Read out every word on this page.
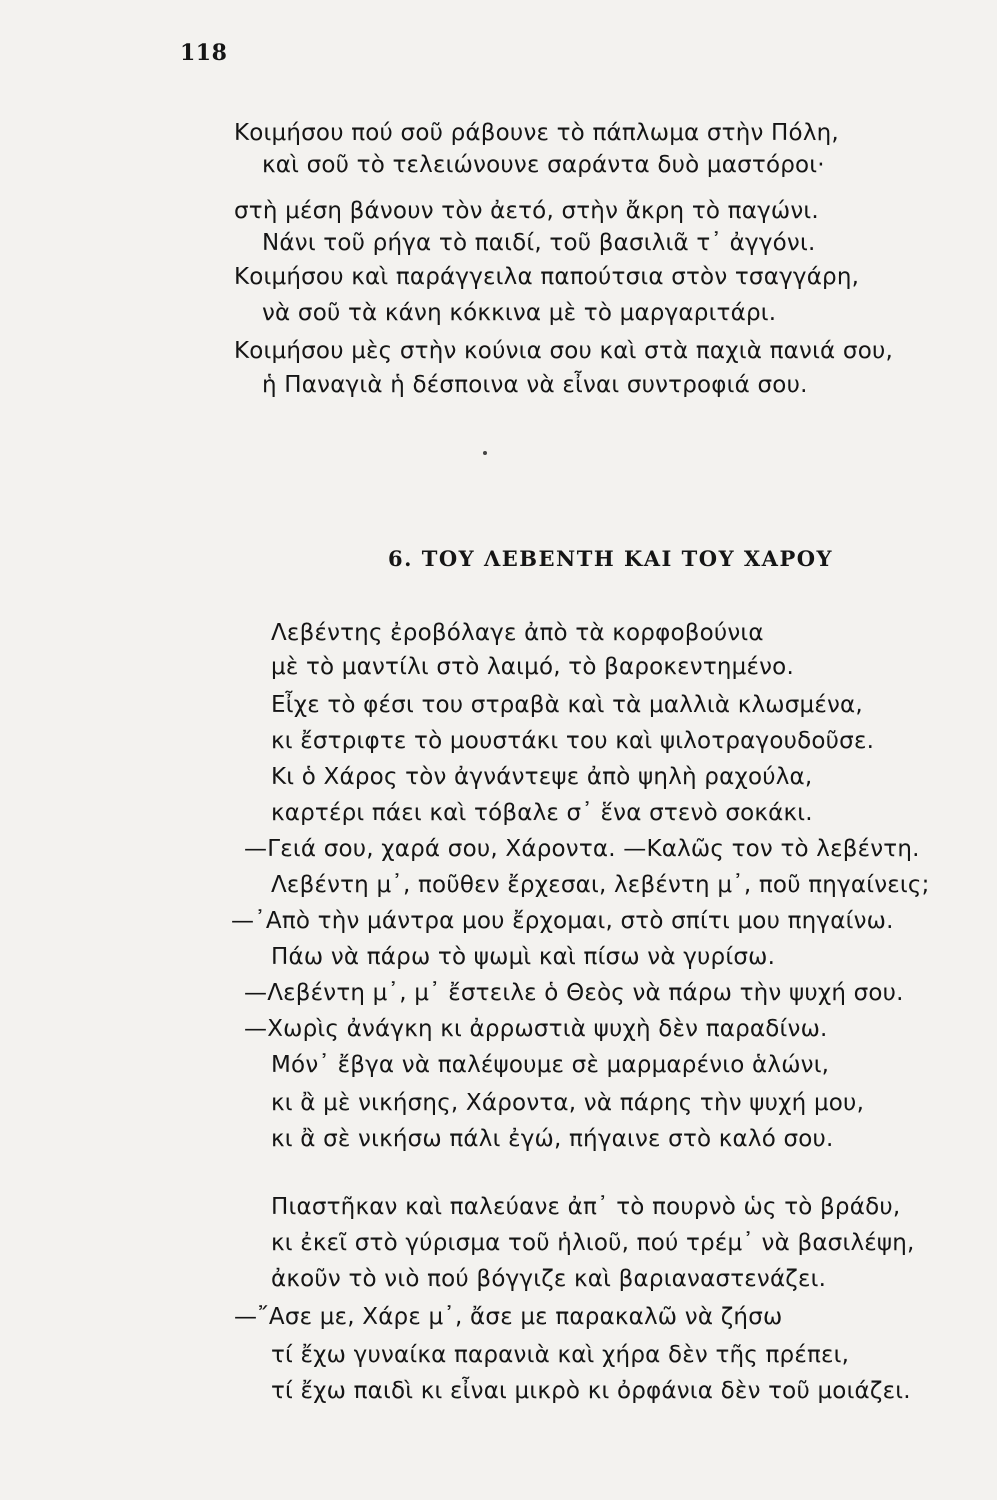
118
Κοιμήσου πού σοῦ ράβουνε τὸ πάπλωμα στὴν Πόλη,
καὶ σοῦ τὸ τελειώνουνε σαράντα δυὸ μαστόροι·
στὴ μέση βάνουν τὸν ἀετό, στὴν ἄκρη τὸ παγώνι.
Νάνι τοῦ ρήγα τὸ παιδί, τοῦ βασιλιᾶ τ᾽ ἀγγόνι.
Κοιμήσου καὶ παράγγειλα παπούτσια στὸν τσαγγάρη,
νὰ σοῦ τὰ κάνη κόκκινα μὲ τὸ μαργαριτάρι.
Κοιμήσου μὲς στὴν κούνια σου καὶ στὰ παχιὰ πανιά σου,
ἡ Παναγιὰ ἡ δέσποινα νὰ εἶναι συντροφιά σου.
6. ΤΟΥ ΛΕΒΕΝΤΗ ΚΑΙ ΤΟΥ ΧΑΡΟΥ
Λεβέντης ἐροβόλαγε ἀπὸ τὰ κορφοβούνια
μὲ τὸ μαντίλι στὸ λαιμό, τὸ βαροκεντημένο.
Εἶχε τὸ φέσι του στραβὰ καὶ τὰ μαλλιὰ κλωσμένα,
κι ἔστριφτε τὸ μουστάκι του καὶ ψιλοτραγουδοῦσε.
Κι ὁ Χάρος τὸν ἀγνάντεψε ἀπὸ ψηλὴ ραχούλα,
καρτέρι πάει καὶ τόβαλε σ᾽ ἕνα στενὸ σοκάκι.
—Γειά σου, χαρά σου, Χάροντα. —Καλῶς τον τὸ λεβέντη.
Λεβέντη μ᾽, ποῦθεν ἔρχεσαι, λεβέντη μ᾽, ποῦ πηγαίνεις;
—᾽Απὸ τὴν μάντρα μου ἔρχομαι, στὸ σπίτι μου πηγαίνω.
Πάω νὰ πάρω τὸ ψωμὶ καὶ πίσω νὰ γυρίσω.
—Λεβέντη μ᾽, μ᾽ ἔστειλε ὁ Θεὸς νὰ πάρω τὴν ψυχή σου.
—Χωρὶς ἀνάγκη κι ἀρρωστιὰ ψυχὴ δὲν παραδίνω.
Μόν᾽ ἔβγα νὰ παλέψουμε σὲ μαρμαρένιο ἁλώνι,
κι ἂ μὲ νικήσης, Χάροντα, νὰ πάρης τὴν ψυχή μου,
κι ἂ σὲ νικήσω πάλι ἐγώ, πήγαινε στὸ καλό σου.
Πιαστῆκαν καὶ παλεύανε ἀπ᾽ τὸ πουρνὸ ὡς τὸ βράδυ,
κι ἐκεῖ στὸ γύρισμα τοῦ ἡλιοῦ, πού τρέμ᾽ νὰ βασιλέψη,
ἀκοῦν τὸ νιὸ πού βόγγιζε καὶ βαριαναστενάζει.
—῎Ασε με, Χάρε μ᾽, ἄσε με παρακαλῶ νὰ ζήσω
τί ἔχω γυναίκα παρανιὰ καὶ χήρα δὲν τῆς πρέπει,
τί ἔχω παιδὶ κι εἶναι μικρὸ κι ὀρφάνια δὲν τοῦ μοιάζει.
